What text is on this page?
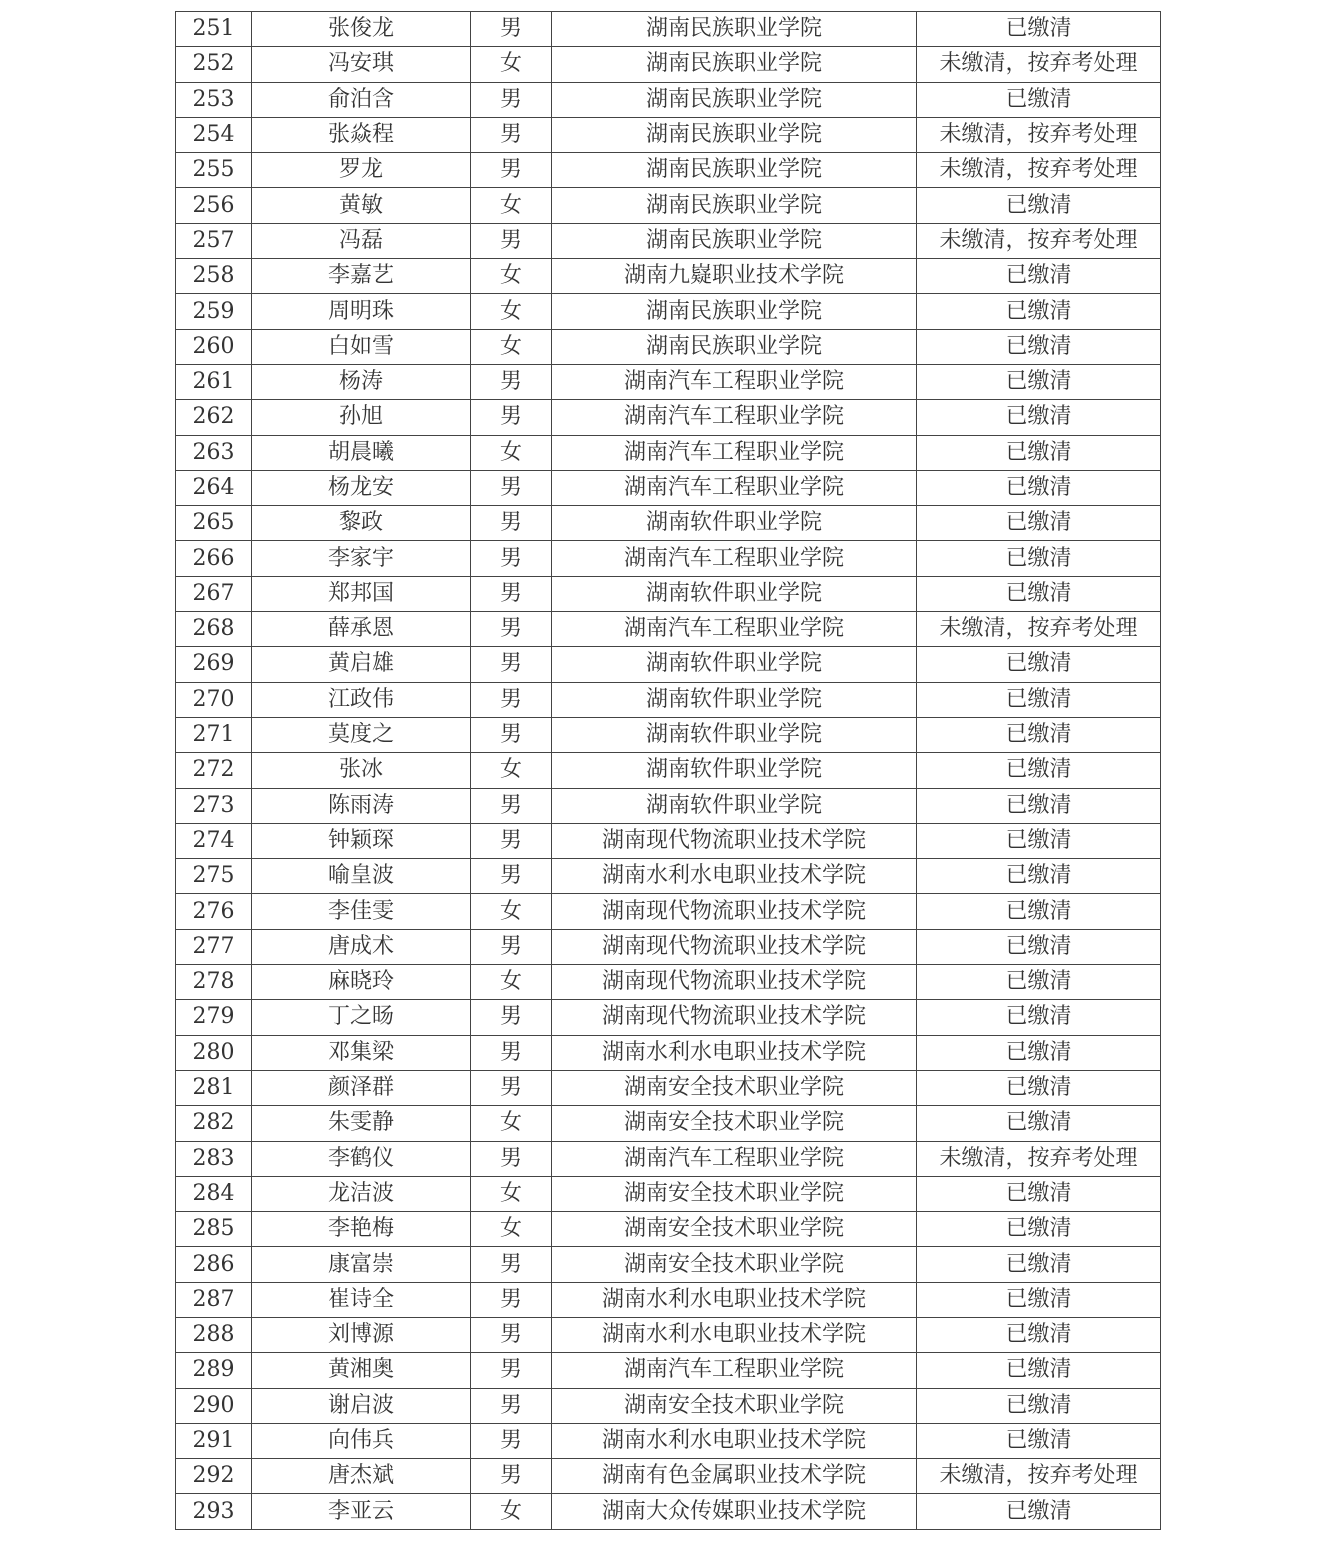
251	张俊龙	男	湖南民族职业学院	已缴清
252	冯安琪	女	湖南民族职业学院	未缴清，按弃考处理
253	俞泊含	男	湖南民族职业学院	已缴清
254	张焱程	男	湖南民族职业学院	未缴清，按弃考处理
255	罗龙	男	湖南民族职业学院	未缴清，按弃考处理
256	黄敏	女	湖南民族职业学院	已缴清
257	冯磊	男	湖南民族职业学院	未缴清，按弃考处理
258	李嘉艺	女	湖南九嶷职业技术学院	已缴清
259	周明珠	女	湖南民族职业学院	已缴清
260	白如雪	女	湖南民族职业学院	已缴清
261	杨涛	男	湖南汽车工程职业学院	已缴清
262	孙旭	男	湖南汽车工程职业学院	已缴清
263	胡晨曦	女	湖南汽车工程职业学院	已缴清
264	杨龙安	男	湖南汽车工程职业学院	已缴清
265	黎政	男	湖南软件职业学院	已缴清
266	李家宇	男	湖南汽车工程职业学院	已缴清
267	郑邦国	男	湖南软件职业学院	已缴清
268	薛承恩	男	湖南汽车工程职业学院	未缴清，按弃考处理
269	黄启雄	男	湖南软件职业学院	已缴清
270	江政伟	男	湖南软件职业学院	已缴清
271	莫度之	男	湖南软件职业学院	已缴清
272	张冰	女	湖南软件职业学院	已缴清
273	陈雨涛	男	湖南软件职业学院	已缴清
274	钟颖琛	男	湖南现代物流职业技术学院	已缴清
275	喻皇波	男	湖南水利水电职业技术学院	已缴清
276	李佳雯	女	湖南现代物流职业技术学院	已缴清
277	唐成术	男	湖南现代物流职业技术学院	已缴清
278	麻晓玲	女	湖南现代物流职业技术学院	已缴清
279	丁之旸	男	湖南现代物流职业技术学院	已缴清
280	邓集梁	男	湖南水利水电职业技术学院	已缴清
281	颜泽群	男	湖南安全技术职业学院	已缴清
282	朱雯静	女	湖南安全技术职业学院	已缴清
283	李鹤仪	男	湖南汽车工程职业学院	未缴清，按弃考处理
284	龙洁波	女	湖南安全技术职业学院	已缴清
285	李艳梅	女	湖南安全技术职业学院	已缴清
286	康富崇	男	湖南安全技术职业学院	已缴清
287	崔诗全	男	湖南水利水电职业技术学院	已缴清
288	刘博源	男	湖南水利水电职业技术学院	已缴清
289	黄湘奥	男	湖南汽车工程职业学院	已缴清
290	谢启波	男	湖南安全技术职业学院	已缴清
291	向伟兵	男	湖南水利水电职业技术学院	已缴清
292	唐杰斌	男	湖南有色金属职业技术学院	未缴清，按弃考处理
293	李亚云	女	湖南大众传媒职业技术学院	已缴清
